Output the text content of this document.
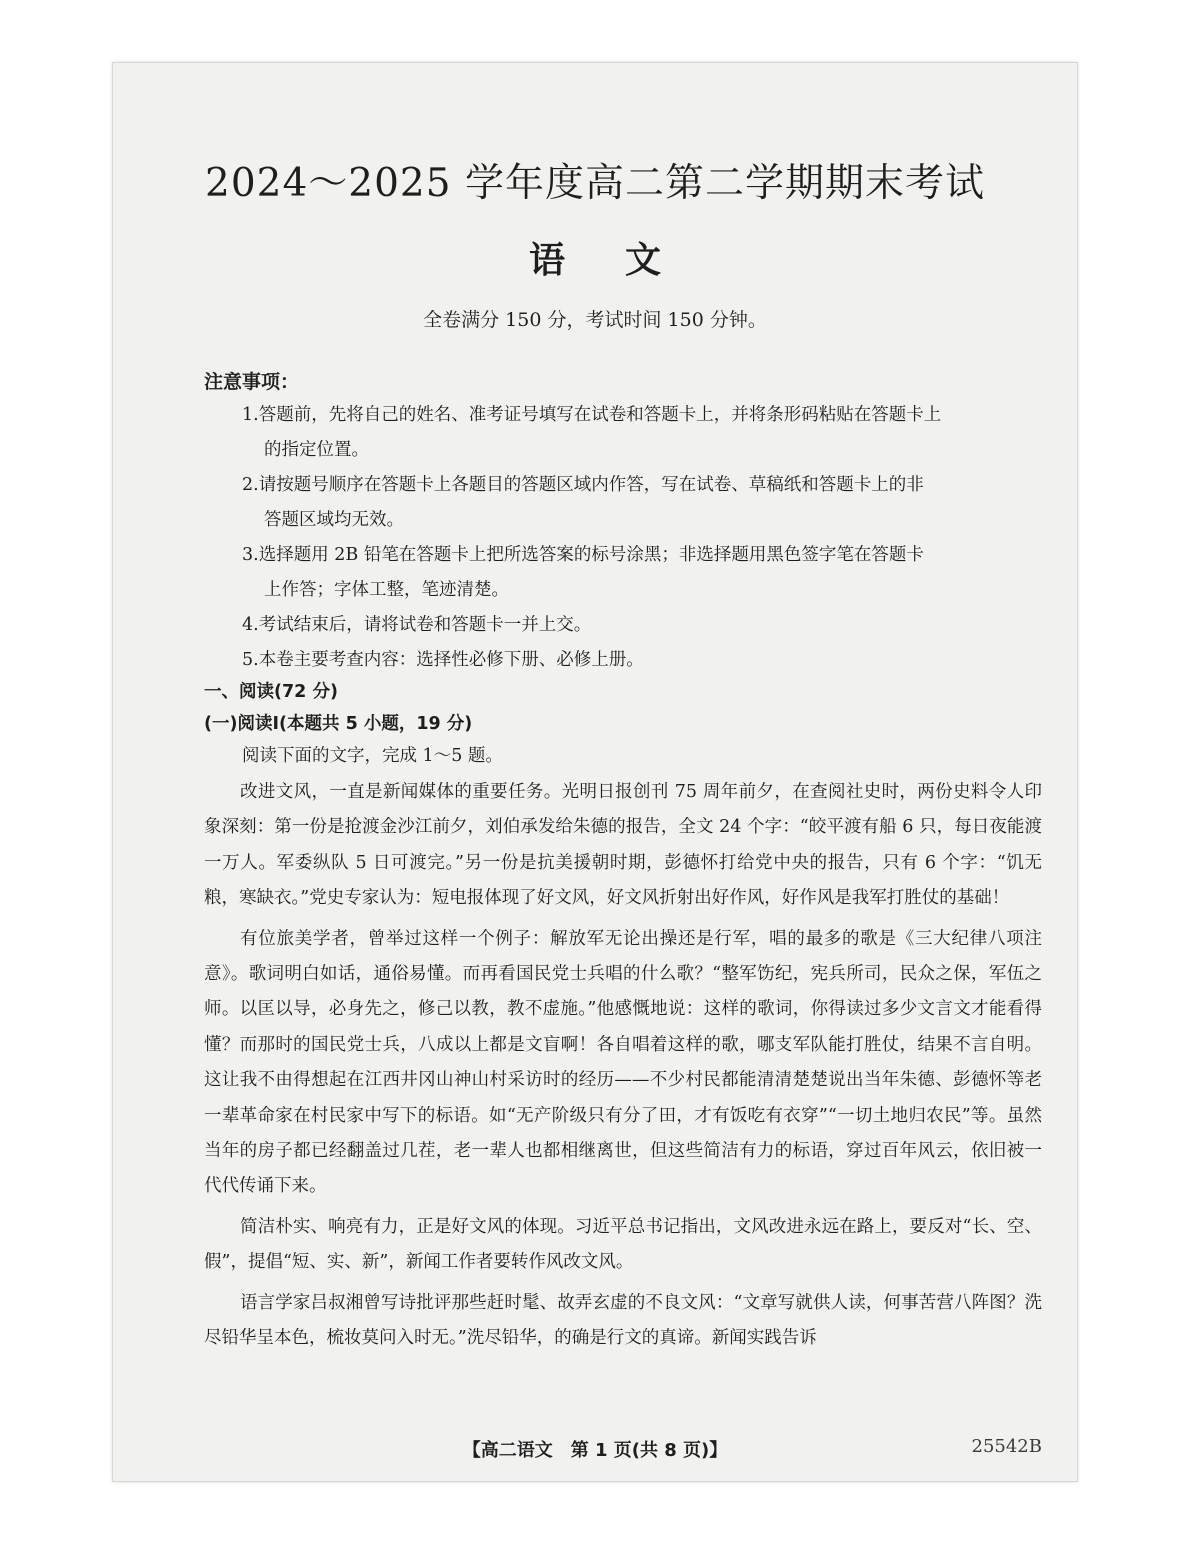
2024～2025 学年度高二第二学期期末考试
语文
全卷满分 150 分，考试时间 150 分钟。
注意事项：
1.答题前，先将自己的姓名、准考证号填写在试卷和答题卡上，并将条形码粘贴在答题卡上
的指定位置。
2.请按题号顺序在答题卡上各题目的答题区域内作答，写在试卷、草稿纸和答题卡上的非
答题区域均无效。
3.选择题用 2B 铅笔在答题卡上把所选答案的标号涂黑；非选择题用黑色签字笔在答题卡
上作答；字体工整，笔迹清楚。
4.考试结束后，请将试卷和答题卡一并上交。
5.本卷主要考查内容：选择性必修下册、必修上册。
一、阅读(72 分)
(一)阅读Ⅰ(本题共 5 小题，19 分)
阅读下面的文字，完成 1～5 题。

改进文风，一直是新闻媒体的重要任务。光明日报创刊 75 周年前夕，在查阅社史时，两份史料令人印象深刻：第一份是抢渡金沙江前夕，刘伯承发给朱德的报告，全文 24 个字：“皎平渡有船 6 只，每日夜能渡一万人。军委纵队 5 日可渡完。”另一份是抗美援朝时期，彭德怀打给党中央的报告，只有 6 个字：“饥无粮，寒缺衣。”党史专家认为：短电报体现了好文风，好文风折射出好作风，好作风是我军打胜仗的基础！

有位旅美学者，曾举过这样一个例子：解放军无论出操还是行军，唱的最多的歌是《三大纪律八项注意》。歌词明白如话，通俗易懂。而再看国民党士兵唱的什么歌？“整军饬纪，宪兵所司，民众之保，军伍之师。以匡以导，必身先之，修己以教，教不虚施。”他感慨地说：这样的歌词，你得读过多少文言文才能看得懂？而那时的国民党士兵，八成以上都是文盲啊！各自唱着这样的歌，哪支军队能打胜仗，结果不言自明。这让我不由得想起在江西井冈山神山村采访时的经历——不少村民都能清清楚楚说出当年朱德、彭德怀等老一辈革命家在村民家中写下的标语。如“无产阶级只有分了田，才有饭吃有衣穿”“一切土地归农民”等。虽然当年的房子都已经翻盖过几茬，老一辈人也都相继离世，但这些简洁有力的标语，穿过百年风云，依旧被一代代传诵下来。

简洁朴实、响亮有力，正是好文风的体现。习近平总书记指出，文风改进永远在路上，要反对“长、空、假”，提倡“短、实、新”，新闻工作者要转作风改文风。

语言学家吕叔湘曾写诗批评那些赶时髦、故弄玄虚的不良文风：“文章写就供人读，何事苦营八阵图？洗尽铅华呈本色，梳妆莫问入时无。”洗尽铅华，的确是行文的真谛。新闻实践告诉

【高二语文　第 1 页(共 8 页)】	25542B
